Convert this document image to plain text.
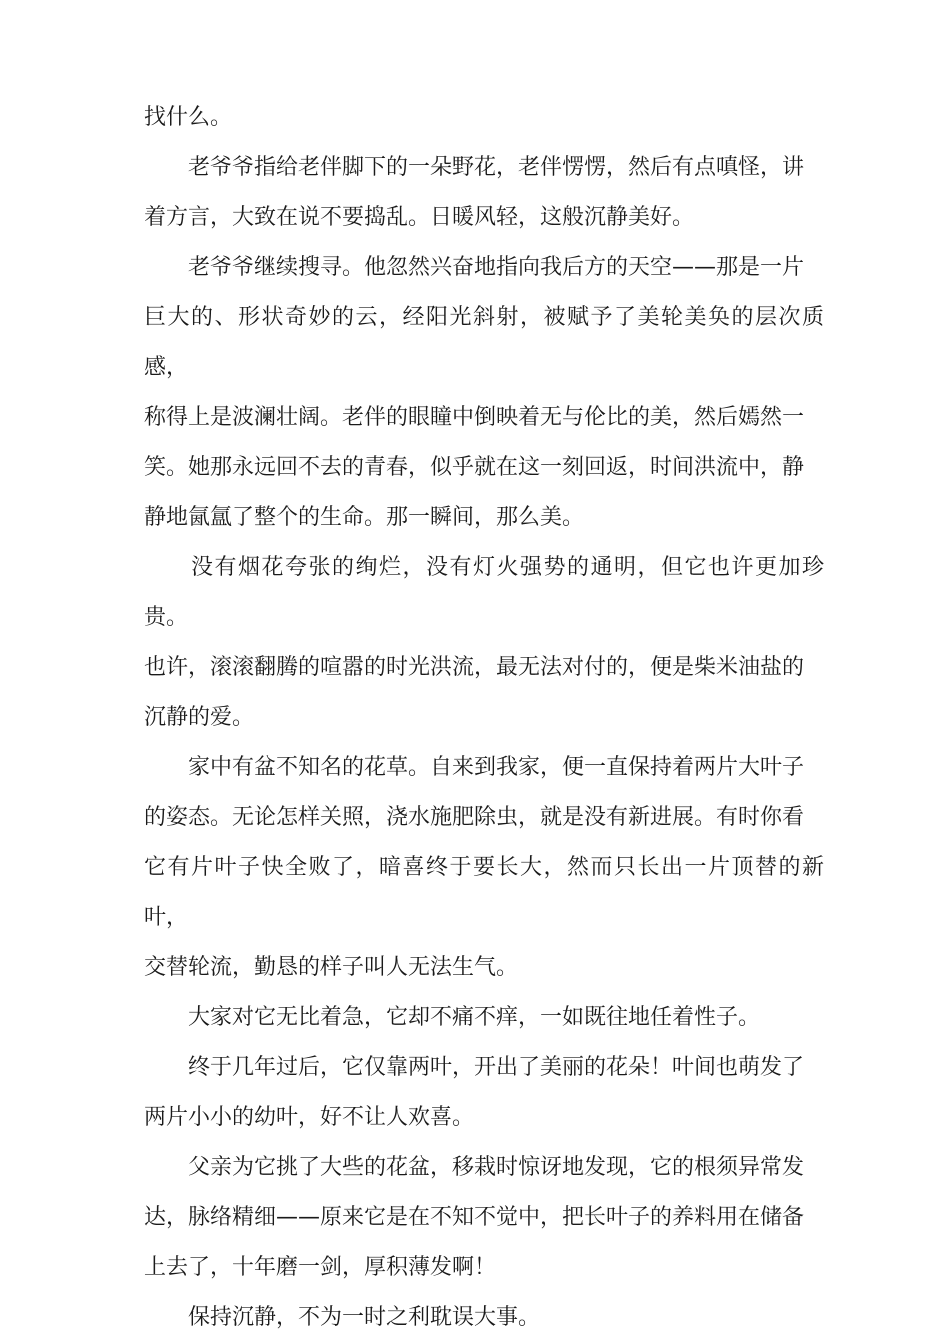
找什么。

　　老爷爷指给老伴脚下的一朵野花，老伴愣愣，然后有点嗔怪，讲

着方言，大致在说不要捣乱。日暖风轻，这般沉静美好。

　　老爷爷继续搜寻。他忽然兴奋地指向我后方的天空——那是一片

巨大的、形状奇妙的云，经阳光斜射，被赋予了美轮美奂的层次质感，

称得上是波澜壮阔。老伴的眼瞳中倒映着无与伦比的美，然后嫣然一

笑。她那永远回不去的青春，似乎就在这一刻回返，时间洪流中，静

静地氤氲了整个的生命。那一瞬间，那么美。

　　没有烟花夸张的绚烂，没有灯火强势的通明，但它也许更加珍贵。

也许，滚滚翻腾的喧嚣的时光洪流，最无法对付的，便是柴米油盐的

沉静的爱。

　　家中有盆不知名的花草。自来到我家，便一直保持着两片大叶子

的姿态。无论怎样关照，浇水施肥除虫，就是没有新进展。有时你看

它有片叶子快全败了，暗喜终于要长大，然而只长出一片顶替的新叶，

交替轮流，勤恳的样子叫人无法生气。

　　大家对它无比着急，它却不痛不痒，一如既往地任着性子。

　　终于几年过后，它仅靠两叶，开出了美丽的花朵！叶间也萌发了

两片小小的幼叶，好不让人欢喜。

　　父亲为它挑了大些的花盆，移栽时惊讶地发现，它的根须异常发

达，脉络精细——原来它是在不知不觉中，把长叶子的养料用在储备

上去了，十年磨一剑，厚积薄发啊！

　　保持沉静，不为一时之利耽误大事。
